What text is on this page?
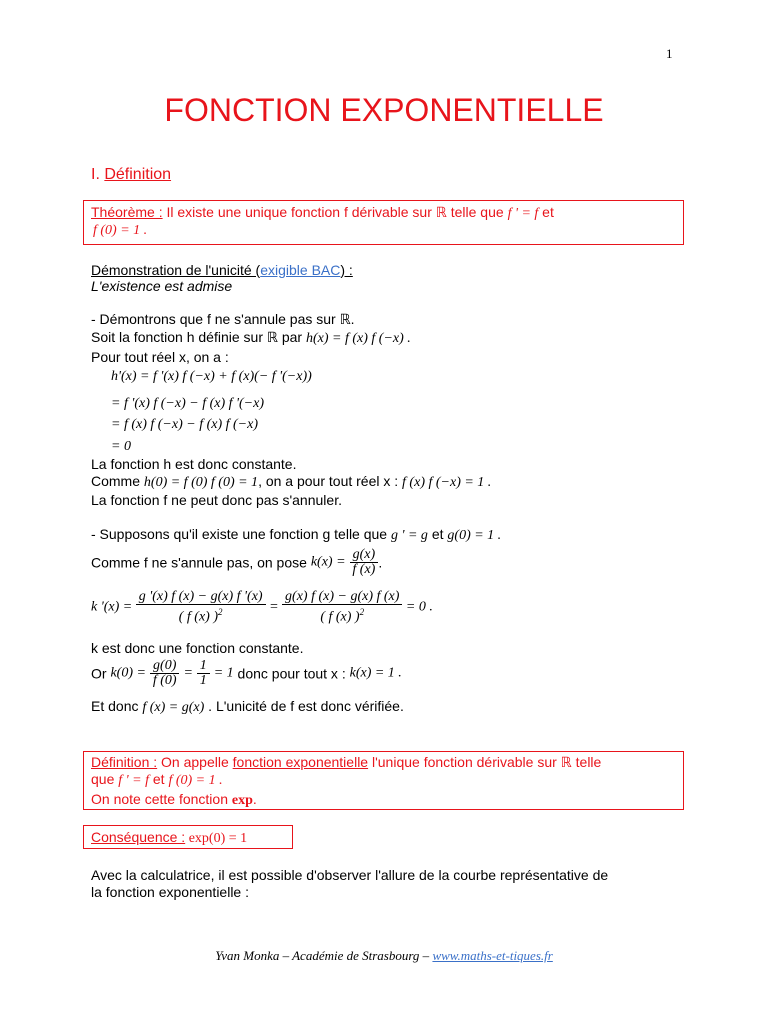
1
FONCTION EXPONENTIELLE
I. Définition
Théorème : Il existe une unique fonction f dérivable sur ℝ telle que f ' = f et
f (0) = 1 .
Démonstration de l'unicité (exigible BAC) :
L'existence est admise
- Démontrons que f ne s'annule pas sur ℝ.
Soit la fonction h définie sur ℝ par h(x) = f (x) f (−x) .
Pour tout réel x, on a :
h'(x) = f '(x) f (−x) + f (x)(− f '(−x))
= f '(x) f (−x) − f (x) f '(−x)
= f (x) f (−x) − f (x) f (−x)
= 0
La fonction h est donc constante.
Comme h(0) = f (0) f (0) = 1, on a pour tout réel x : f (x) f (−x) = 1 .
La fonction f ne peut donc pas s'annuler.
- Supposons qu'il existe une fonction g telle que g ' = g et g(0) = 1 .
Comme f ne s'annule pas, on pose $k(x) = \frac{g(x)}{f (x)}$ .
k '$(x) = \frac{g '(x) f (x) - g(x) f '(x)}{( f (x) )^2} = \frac{g(x) f (x) - g(x) f (x)}{( f (x) )^2} = 0$ .
k est donc une fonction constante.
Or $k(0) = \frac{g(0)}{f (0)} = \frac{1}{1} = 1$ donc pour tout x : k(x) = 1 .
Et donc f (x) = g(x) . L'unicité de f est donc vérifiée.
Définition : On appelle fonction exponentielle l'unique fonction dérivable sur ℝ telle
que f ' = f et f (0) = 1 .
On note cette fonction exp.
Conséquence : exp(0) = 1
Avec la calculatrice, il est possible d'observer l'allure de la courbe représentative de
la fonction exponentielle :
Yvan Monka – Académie de Strasbourg – www.maths-et-tiques.fr
